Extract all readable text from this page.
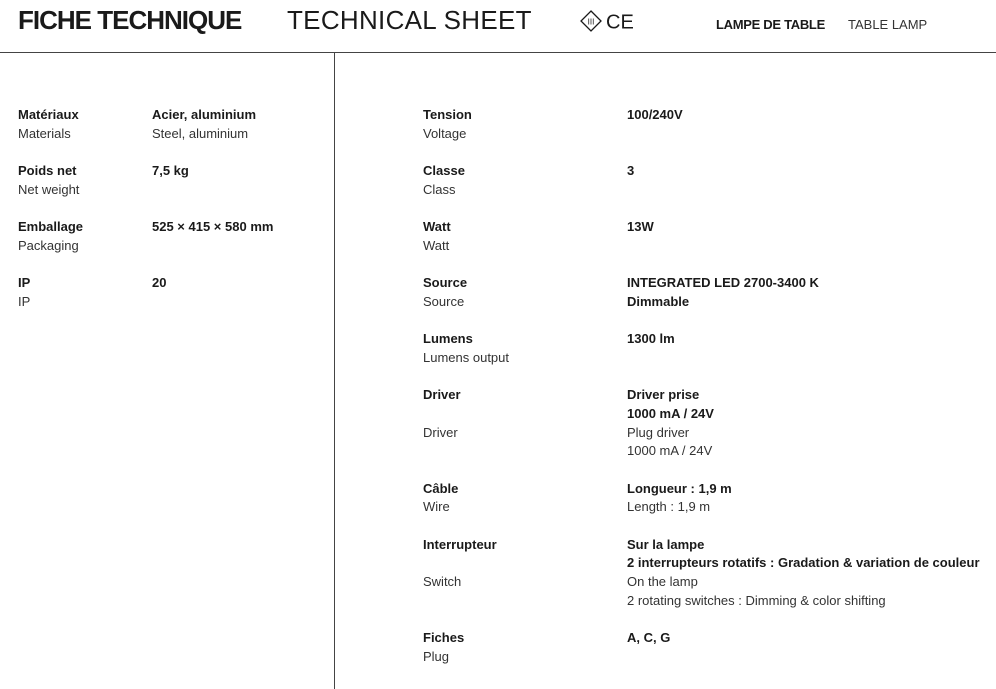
FICHE TECHNIQUE TECHNICAL SHEET	III CE	LAMPE DE TABLE TABLE LAMP
Matériaux
Materials
Acier, aluminium
Steel, aluminium
Poids net
Net weight
7,5 kg
Emballage
Packaging
525 × 415 × 580 mm
IP
IP
20
Tension
Voltage
100/240V
Classe
Class
3
Watt
Watt
13W
Source
Source
INTEGRATED LED 2700-3400 K
Dimmable
Lumens
Lumens output
1300 lm
Driver
Driver
Driver prise
1000 mA / 24V
Plug driver
1000 mA / 24V
Câble
Wire
Longueur : 1,9 m
Length : 1,9 m
Interrupteur
Switch
Sur la lampe
2 interrupteurs rotatifs : Gradation & variation de couleur
On the lamp
2 rotating switches : Dimming & color shifting
Fiches
Plug
A, C, G
